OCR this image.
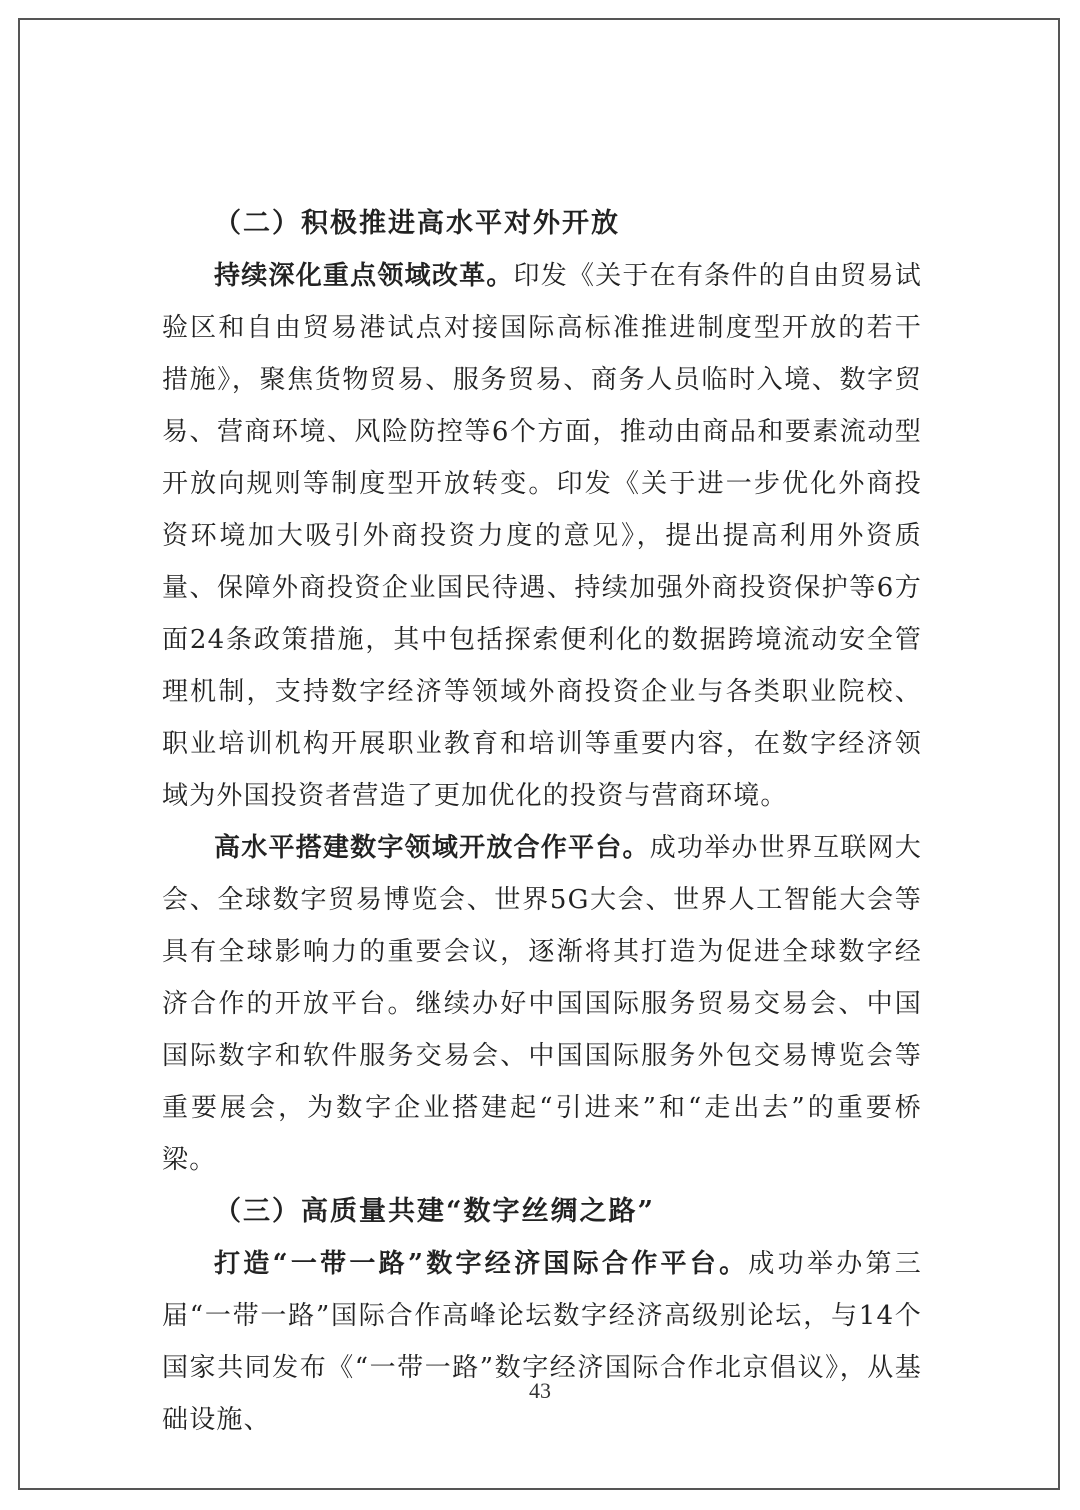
（二）积极推进高水平对外开放

持续深化重点领域改革。印发《关于在有条件的自由贸易试验区和自由贸易港试点对接国际高标准推进制度型开放的若干措施》，聚焦货物贸易、服务贸易、商务人员临时入境、数字贸易、营商环境、风险防控等6个方面，推动由商品和要素流动型开放向规则等制度型开放转变。印发《关于进一步优化外商投资环境加大吸引外商投资力度的意见》，提出提高利用外资质量、保障外商投资企业国民待遇、持续加强外商投资保护等6方面24条政策措施，其中包括探索便利化的数据跨境流动安全管理机制，支持数字经济等领域外商投资企业与各类职业院校、职业培训机构开展职业教育和培训等重要内容，在数字经济领域为外国投资者营造了更加优化的投资与营商环境。

高水平搭建数字领域开放合作平台。成功举办世界互联网大会、全球数字贸易博览会、世界5G大会、世界人工智能大会等具有全球影响力的重要会议，逐渐将其打造为促进全球数字经济合作的开放平台。继续办好中国国际服务贸易交易会、中国国际数字和软件服务交易会、中国国际服务外包交易博览会等重要展会，为数字企业搭建起“引进来”和“走出去”的重要桥梁。

（三）高质量共建“数字丝绸之路”

打造“一带一路”数字经济国际合作平台。成功举办第三届“一带一路”国际合作高峰论坛数字经济高级别论坛，与14个国家共同发布《“一带一路”数字经济国际合作北京倡议》，从基础设施、

43
